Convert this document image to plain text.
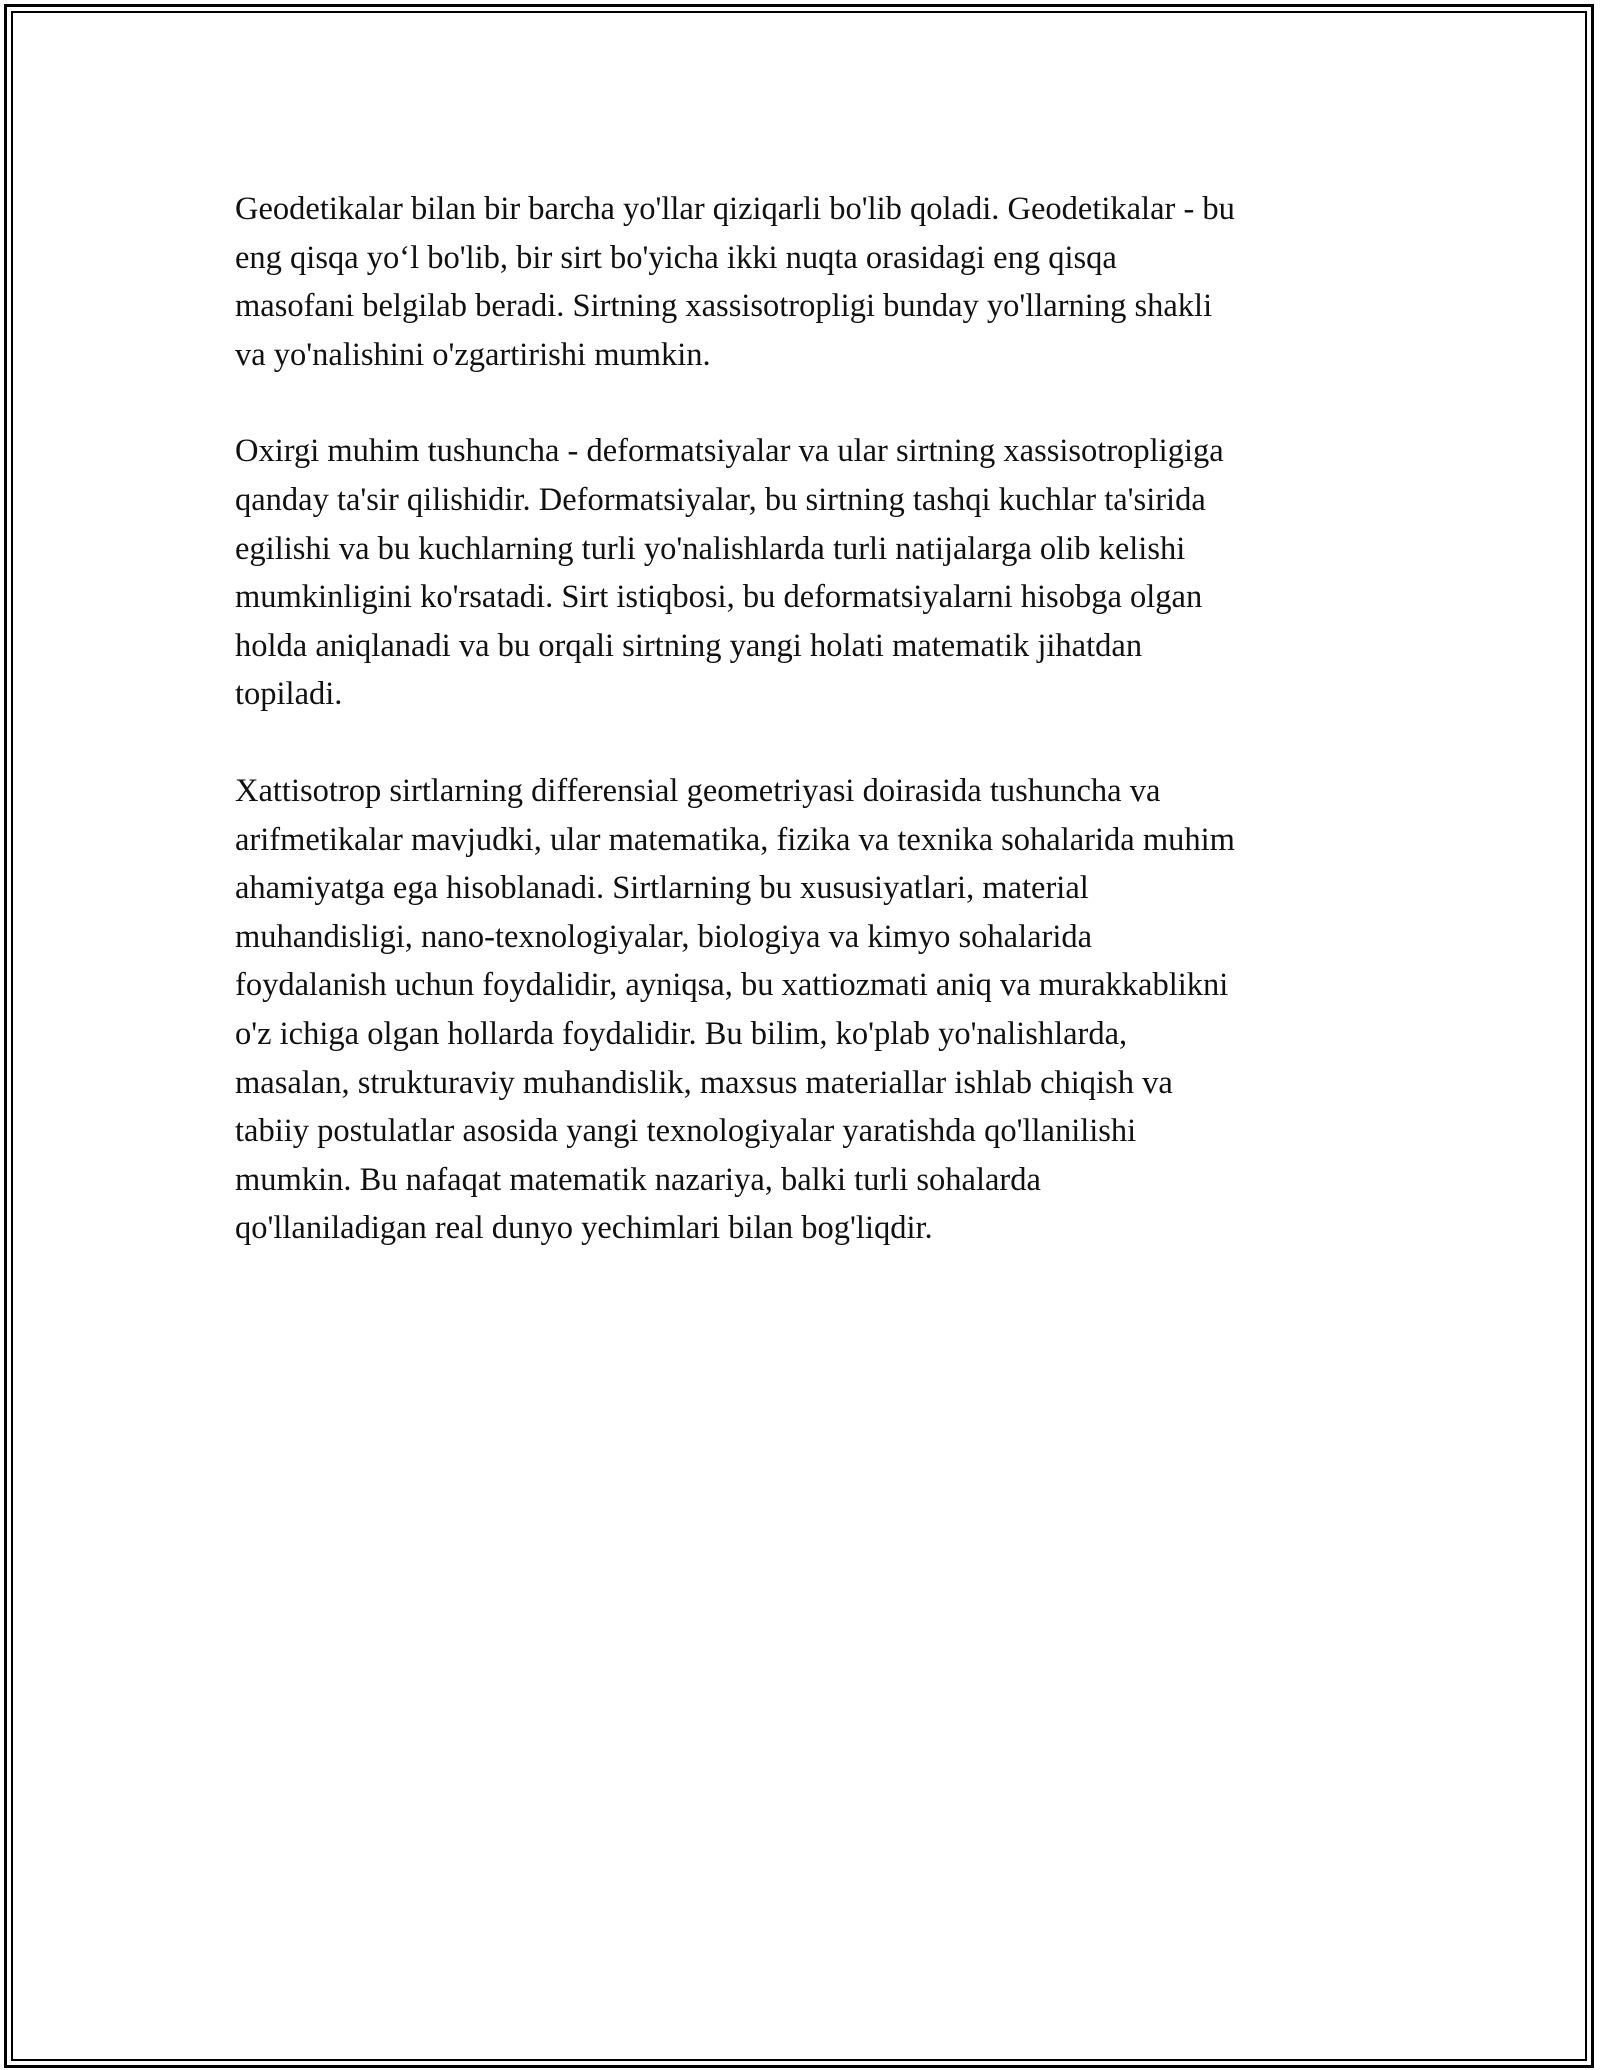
Geodetikalar bilan bir barcha yo'llar qiziqarli bo'lib qoladi. Geodetikalar - bu
eng qisqa yo‘l bo'lib, bir sirt bo'yicha ikki nuqta orasidagi eng qisqa
masofani belgilab beradi. Sirtning xassisotropligi bunday yo'llarning shakli
va yo'nalishini o'zgartirishi mumkin.

Oxirgi muhim tushuncha - deformatsiyalar va ular sirtning xassisotropligiga
qanday ta'sir qilishidir. Deformatsiyalar, bu sirtning tashqi kuchlar ta'sirida
egilishi va bu kuchlarning turli yo'nalishlarda turli natijalarga olib kelishi
mumkinligini ko'rsatadi. Sirt istiqbosi, bu deformatsiyalarni hisobga olgan
holda aniqlanadi va bu orqali sirtning yangi holati matematik jihatdan
topiladi.

Xattisotrop sirtlarning differensial geometriyasi doirasida tushuncha va
arifmetikalar mavjudki, ular matematika, fizika va texnika sohalarida muhim
ahamiyatga ega hisoblanadi. Sirtlarning bu xususiyatlari, material
muhandisligi, nano-texnologiyalar, biologiya va kimyo sohalarida
foydalanish uchun foydalidir, ayniqsa, bu xattiozmati aniq va murakkablikni
o'z ichiga olgan hollarda foydalidir. Bu bilim, ko'plab yo'nalishlarda,
masalan, strukturaviy muhandislik, maxsus materiallar ishlab chiqish va
tabiiy postulatlar asosida yangi texnologiyalar yaratishda qo'llanilishi
mumkin. Bu nafaqat matematik nazariya, balki turli sohalarda
qo'llaniladigan real dunyo yechimlari bilan bog'liqdir.
